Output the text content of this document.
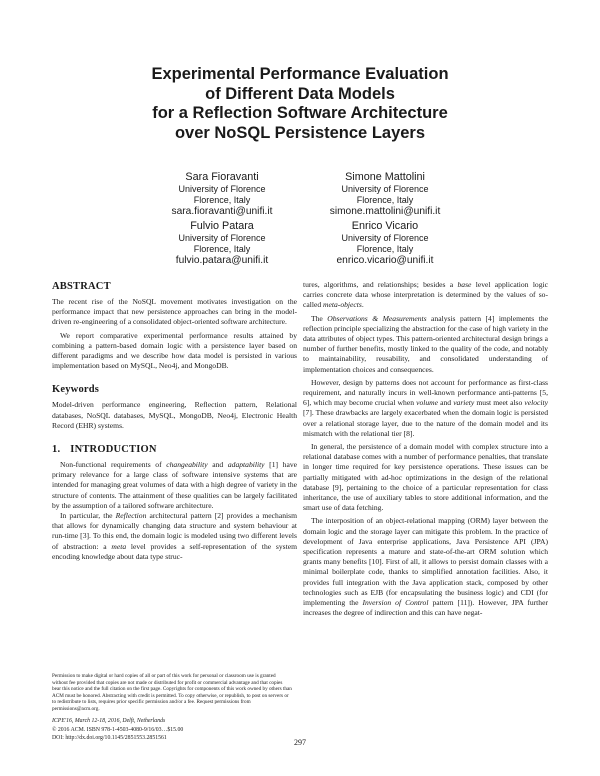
Experimental Performance Evaluation
of Different Data Models
for a Reflection Software Architecture
over NoSQL Persistence Layers
Sara Fioravanti
University of Florence
Florence, Italy
sara.fioravanti@unifi.it
Simone Mattolini
University of Florence
Florence, Italy
simone.mattolini@unifi.it
Fulvio Patara
University of Florence
Florence, Italy
fulvio.patara@unifi.it
Enrico Vicario
University of Florence
Florence, Italy
enrico.vicario@unifi.it
ABSTRACT

The recent rise of the NoSQL movement motivates investigation on the performance impact that new persistence approaches can bring in the model-driven re-engineering of a consolidated object-oriented software architecture.

We report comparative experimental performance results attained by combining a pattern-based domain logic with a persistence layer based on different paradigms and we describe how data model is persisted in various implementation based on MySQL, Neo4j, and MongoDB.

Keywords

Model-driven performance engineering, Reflection pattern, Relational databases, NoSQL databases, MySQL, MongoDB, Neo4j, Electronic Health Record (EHR) systems.

1. INTRODUCTION

Non-functional requirements of changeability and adaptability [1] have primary relevance for a large class of software intensive systems that are intended for managing great volumes of data with a high degree of variety in the structure of contents. The attainment of these qualities can be largely facilitated by the assumption of a tailored software architecture.

In particular, the Reflection architectural pattern [2] provides a mechanism that allows for dynamically changing data structure and system behaviour at run-time [3]. To this end, the domain logic is modeled using two different levels of abstraction: a meta level provides a self-representation of the system encoding knowledge about data type struc-

tures, algorithms, and relationships; besides a base level application logic carries concrete data whose interpretation is determined by the values of so-called meta-objects.

The Observations & Measurements analysis pattern [4] implements the reflection principle specializing the abstraction for the case of high variety in the data attributes of object types. This pattern-oriented architectural design brings a number of further benefits, mostly linked to the quality of the code, and notably to maintainability, reusability, and consolidated understanding of implementation choices and consequences.

However, design by patterns does not account for performance as first-class requirement, and naturally incurs in well-known performance anti-patterns [5, 6], which may become crucial when volume and variety must meet also velocity [7]. These drawbacks are largely exacerbated when the domain logic is persisted over a relational storage layer, due to the nature of the domain model and its mismatch with the relational tier [8].

In general, the persistence of a domain model with complex structure into a relational database comes with a number of performance penalties, that translate in longer time required for key persistence operations. These issues can be partially mitigated with ad-hoc optimizations in the design of the relational database [9], pertaining to the choice of a particular representation for class inheritance, the use of auxiliary tables to store additional information, and the smart use of data fetching.

The interposition of an object-relational mapping (ORM) layer between the domain logic and the storage layer can mitigate this problem. In the practice of development of Java enterprise applications, Java Persistence API (JPA) specification represents a mature and state-of-the-art ORM solution which grants many benefits [10]. First of all, it allows to persist domain classes with a minimal boilerplate code, thanks to simplified annotation facilities. Also, it provides full integration with the Java application stack, composed by other technologies such as EJB (for encapsulating the business logic) and CDI (for implementing the Inversion of Control pattern [11]). However, JPA further increases the degree of indirection and this can have negat-

Permission to make digital or hard copies of all or part of this work for personal or classroom use is granted without fee provided that copies are not made or distributed for profit or commercial advantage and that copies bear this notice and the full citation on the first page. Copyrights for components of this work owned by others than ACM must be honored. Abstracting with credit is permitted. To copy otherwise, or republish, to post on servers or to redistribute to lists, requires prior specific permission and/or a fee. Request permissions from permissions@acm.org.

ICPE'16, March 12-18, 2016, Delft, Netherlands
© 2016 ACM. ISBN 978-1-4503-4080-9/16/03…$15.00
DOI: http://dx.doi.org/10.1145/2851553.2851561	297
